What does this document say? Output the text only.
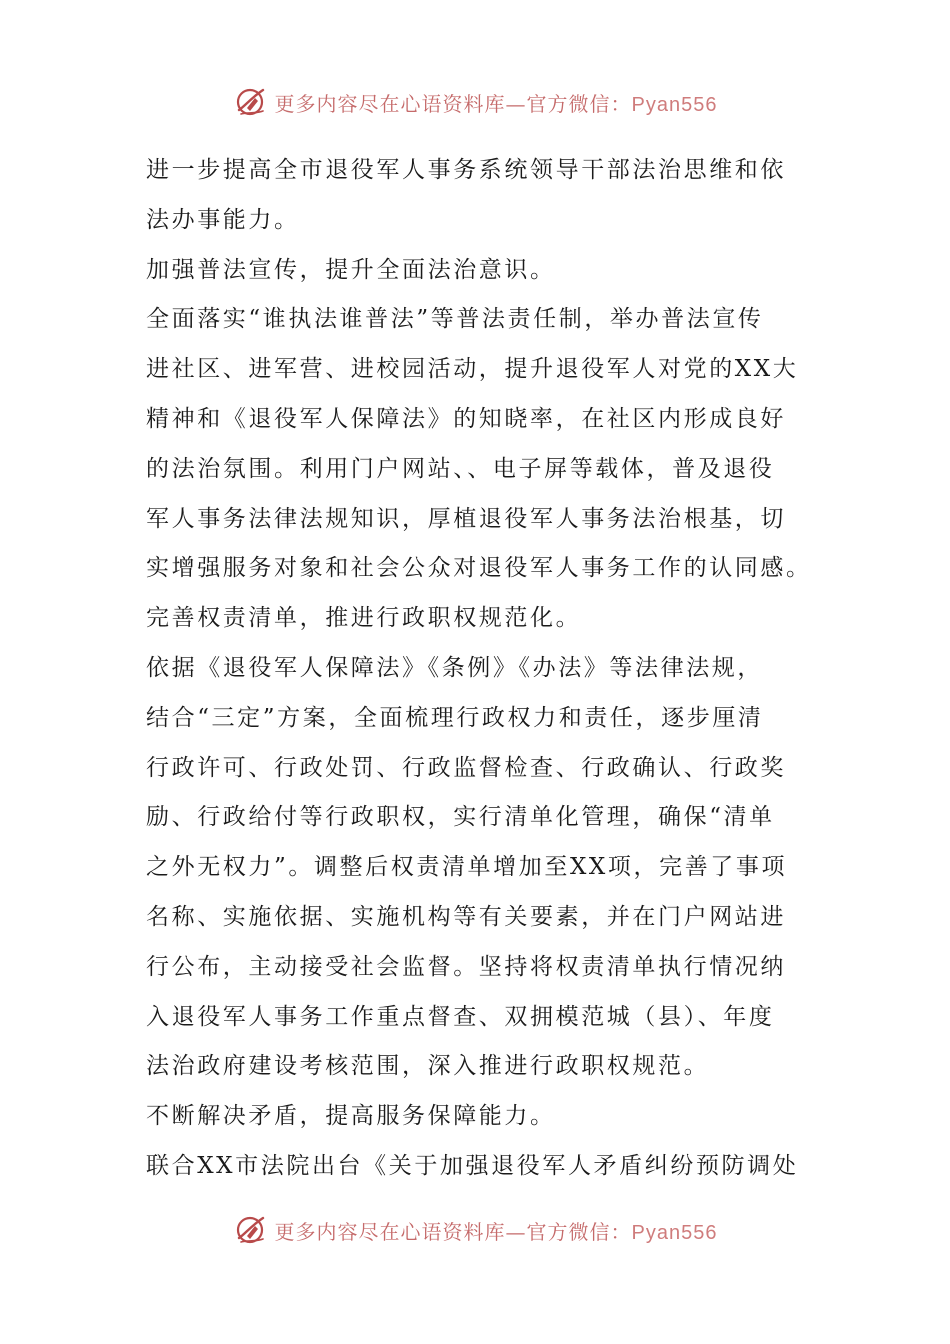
更多内容尽在心语资料库—官方微信：Pyan556
进一步提高全市退役军人事务系统领导干部法治思维和依
法办事能力。
加强普法宣传，提升全面法治意识。
全面落实“谁执法谁普法”等普法责任制，举办普法宣传
进社区、进军营、进校园活动，提升退役军人对党的XX大
精神和《退役军人保障法》的知晓率，在社区内形成良好
的法治氛围。利用门户网站、、电子屏等载体，普及退役
军人事务法律法规知识，厚植退役军人事务法治根基，切
实增强服务对象和社会公众对退役军人事务工作的认同感。
完善权责清单，推进行政职权规范化。
依据《退役军人保障法》《条例》《办法》等法律法规，
结合“三定”方案，全面梳理行政权力和责任，逐步厘清
行政许可、行政处罚、行政监督检查、行政确认、行政奖
励、行政给付等行政职权，实行清单化管理，确保“清单
之外无权力”。调整后权责清单增加至XX项，完善了事项
名称、实施依据、实施机构等有关要素，并在门户网站进
行公布，主动接受社会监督。坚持将权责清单执行情况纳
入退役军人事务工作重点督查、双拥模范城（县）、年度
法治政府建设考核范围，深入推进行政职权规范。
不断解决矛盾，提高服务保障能力。
联合XX市法院出台《关于加强退役军人矛盾纠纷预防调处
更多内容尽在心语资料库—官方微信：Pyan556
